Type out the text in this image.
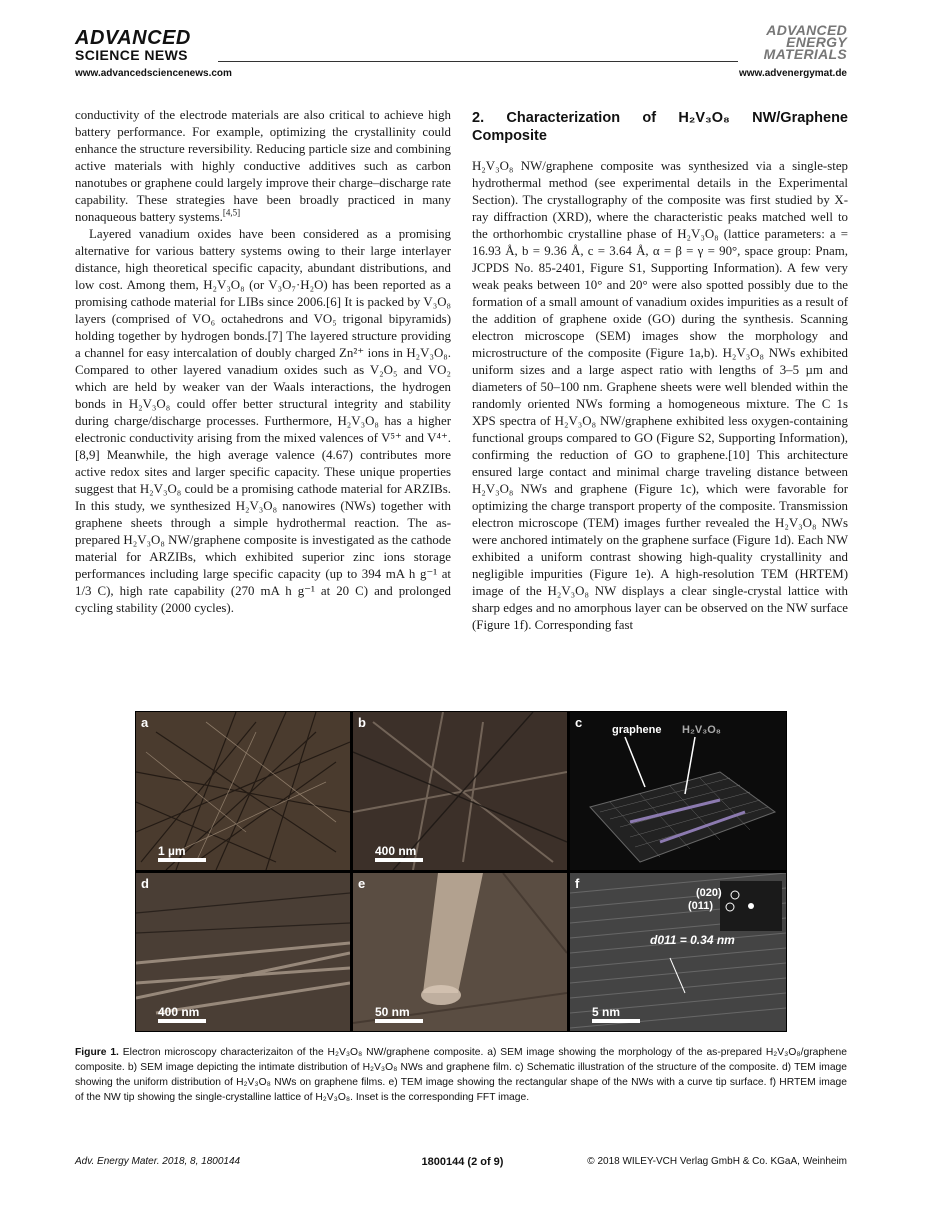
ADVANCED
SCIENCE NEWS
ADVANCED
ENERGY
MATERIALS
www.advancedsciencenews.com	www.advenergymat.de

conductivity of the electrode materials are also critical to achieve high battery performance. For example, optimizing the crystallinity could enhance the structure reversibility. Reducing particle size and combining active materials with highly conductive additives such as carbon nanotubes or graphene could largely improve their charge–discharge rate capability. These strategies have been broadly practiced in many nonaqueous battery systems.[4,5]

Layered vanadium oxides have been considered as a promising alternative for various battery systems owing to their large interlayer distance, high theoretical specific capacity, abundant distributions, and low cost. Among them, H₂V₃O₈ (or V₃O₇·H₂O) has been reported as a promising cathode material for LIBs since 2006.[6] It is packed by V₃O₈ layers (comprised of VO₆ octahedrons and VO₅ trigonal bipyramids) holding together by hydrogen bonds.[7] The layered structure providing a channel for easy intercalation of doubly charged Zn²⁺ ions in H₂V₃O₈. Compared to other layered vanadium oxides such as V₂O₅ and VO₂ which are held by weaker van der Waals interactions, the hydrogen bonds in H₂V₃O₈ could offer better structural integrity and stability during charge/discharge processes. Furthermore, H₂V₃O₈ has a higher electronic conductivity arising from the mixed valences of V⁵⁺ and V⁴⁺.[8,9] Meanwhile, the high average valence (4.67) contributes more active redox sites and larger specific capacity. These unique properties suggest that H₂V₃O₈ could be a promising cathode material for ARZIBs. In this study, we synthesized H₂V₃O₈ nanowires (NWs) together with graphene sheets through a simple hydrothermal reaction. The as-prepared H₂V₃O₈ NW/graphene composite is investigated as the cathode material for ARZIBs, which exhibited superior zinc ions storage performances including large specific capacity (up to 394 mA h g⁻¹ at 1/3 C), high rate capability (270 mA h g⁻¹ at 20 C) and prolonged cycling stability (2000 cycles).

2. Characterization of H₂V₃O₈ NW/Graphene Composite

H₂V₃O₈ NW/graphene composite was synthesized via a single-step hydrothermal method (see experimental details in the Experimental Section). The crystallography of the composite was first studied by X-ray diffraction (XRD), where the characteristic peaks matched well to the orthorhombic crystalline phase of H₂V₃O₈ (lattice parameters: a = 16.93 Å, b = 9.36 Å, c = 3.64 Å, α = β = γ = 90°, space group: Pnam, JCPDS No. 85-2401, Figure S1, Supporting Information). A few very weak peaks between 10° and 20° were also spotted possibly due to the formation of a small amount of vanadium oxides impurities as a result of the addition of graphene oxide (GO) during the synthesis. Scanning electron microscope (SEM) images show the morphology and microstructure of the composite (Figure 1a,b). H₂V₃O₈ NWs exhibited uniform sizes and a large aspect ratio with lengths of 3–5 µm and diameters of 50–100 nm. Graphene sheets were well blended within the randomly oriented NWs forming a homogeneous mixture. The C 1s XPS spectra of H₂V₃O₈ NW/graphene exhibited less oxygen-containing functional groups compared to GO (Figure S2, Supporting Information), confirming the reduction of GO to graphene.[10] This architecture ensured large contact and minimal charge traveling distance between H₂V₃O₈ NWs and graphene (Figure 1c), which were favorable for optimizing the charge transport property of the composite. Transmission electron microscope (TEM) images further revealed the H₂V₃O₈ NWs were anchored intimately on the graphene surface (Figure 1d). Each NW exhibited a uniform contrast showing high-quality crystallinity and negligible impurities (Figure 1e). A high-resolution TEM (HRTEM) image of the H₂V₃O₈ NW displays a clear single-crystal lattice with sharp edges and no amorphous layer can be observed on the NW surface (Figure 1f). Corresponding fast

a
1 µm
b
400 nm
c	graphene H₂V₃O₈
d
400 nm
e
50 nm
f
(020)
(011)
d011 = 0.34 nm
5 nm
Figure 1. Electron microscopy characterizaiton of the H₂V₃O₈ NW/graphene composite. a) SEM image showing the morphology of the as-prepared H₂V₃O₈/graphene composite. b) SEM image depicting the intimate distribution of H₂V₃O₈ NWs and graphene film. c) Schematic illustration of the structure of the composite. d) TEM image showing the uniform distribution of H₂V₃O₈ NWs on graphene films. e) TEM image showing the rectangular shape of the NWs with a curve tip surface. f) HRTEM image of the NW tip showing the single-crystalline lattice of H₂V₃O₈. Inset is the corresponding FFT image.
Adv. Energy Mater. 2018, 8, 1800144	1800144 (2 of 9)	© 2018 WILEY-VCH Verlag GmbH & Co. KGaA, Weinheim
